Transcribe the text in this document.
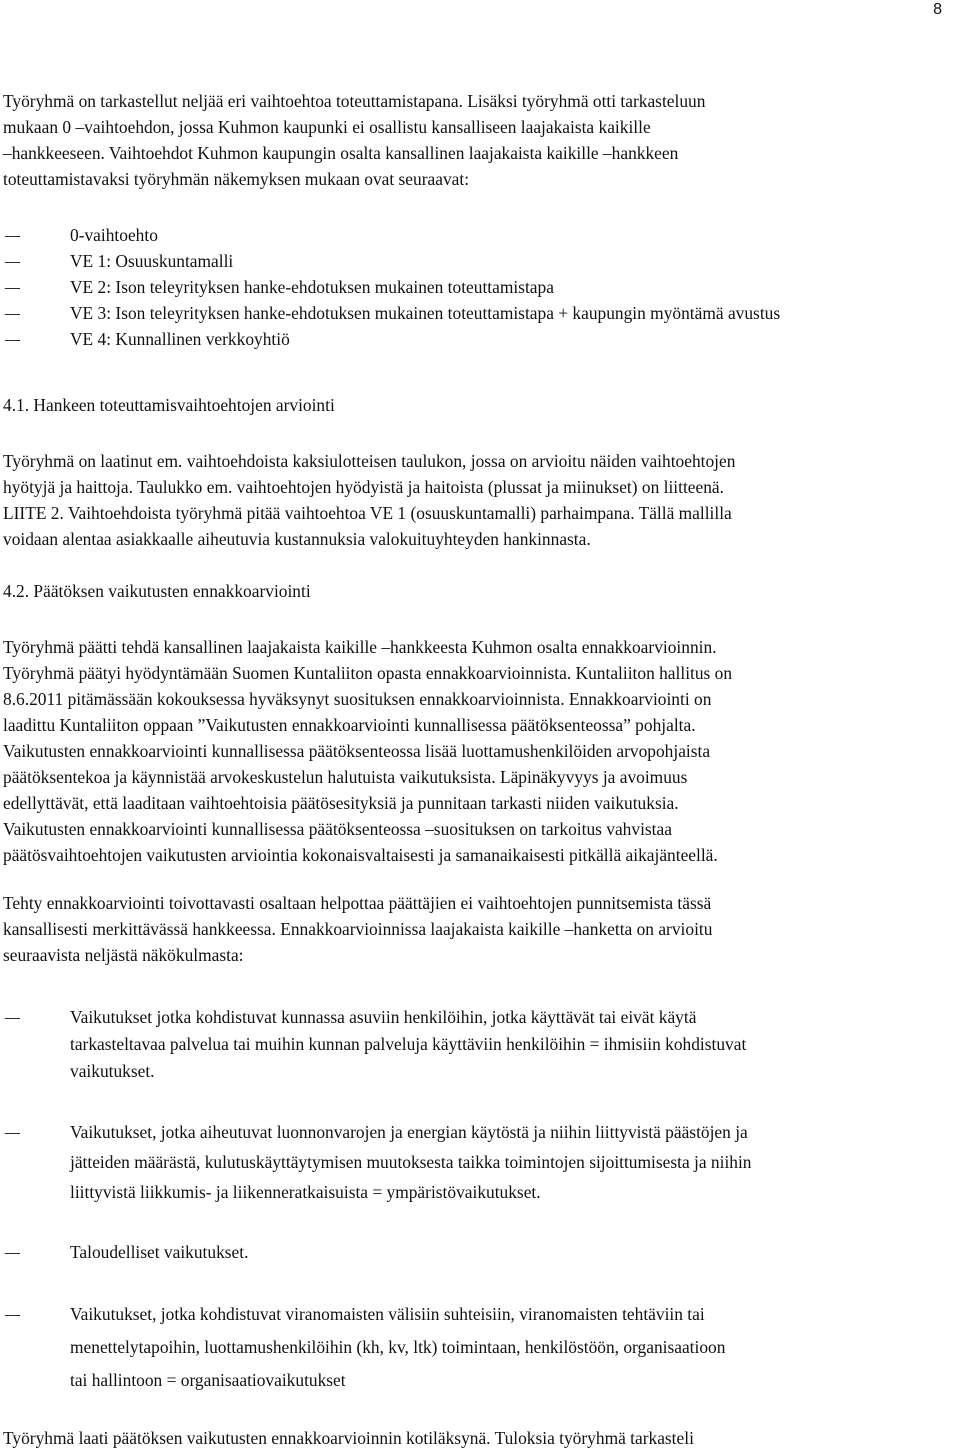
8

Työryhmä on tarkastellut neljää eri vaihtoehtoa toteuttamistapana. Lisäksi työryhmä otti tarkasteluun
mukaan 0 –vaihtoehdon, jossa Kuhmon kaupunki ei osallistu kansalliseen laajakaista kaikille
–hankkeeseen. Vaihtoehdot Kuhmon kaupungin osalta kansallinen laajakaista kaikille –hankkeen
toteuttamistavaksi työryhmän näkemyksen mukaan ovat seuraavat:

– 0-vaihtoehto
– VE 1: Osuuskuntamalli
– VE 2: Ison teleyrityksen hanke-ehdotuksen mukainen toteuttamistapa
– VE 3: Ison teleyrityksen hanke-ehdotuksen mukainen toteuttamistapa + kaupungin myöntämä avustus
– VE 4: Kunnallinen verkkoyhtiö

4.1. Hankeen toteuttamisvaihtoehtojen arviointi

Työryhmä on laatinut em. vaihtoehdoista kaksiulotteisen taulukon, jossa on arvioitu näiden vaihtoehtojen
hyötyjä ja haittoja. Taulukko em. vaihtoehtojen hyödyistä ja haitoista (plussat ja miinukset) on liitteenä.
LIITE 2. Vaihtoehdoista työryhmä pitää vaihtoehtoa VE 1 (osuuskuntamalli) parhaimpana. Tällä mallilla
voidaan alentaa asiakkaalle aiheutuvia kustannuksia valokuituyhteyden hankinnasta.

4.2. Päätöksen vaikutusten ennakkoarviointi

Työryhmä päätti tehdä kansallinen laajakaista kaikille –hankkeesta Kuhmon osalta ennakkoarvioinnin.
Työryhmä päätyi hyödyntämään Suomen Kuntaliiton opasta ennakkoarvioinnista. Kuntaliiton hallitus on
8.6.2011 pitämässään kokouksessa hyväksynyt suosituksen ennakkoarvioinnista. Ennakkoarviointi on
laadittu Kuntaliiton oppaan ”Vaikutusten ennakkoarviointi kunnallisessa päätöksenteossa” pohjalta.
Vaikutusten ennakkoarviointi kunnallisessa päätöksenteossa lisää luottamushenkilöiden arvopohjaista
päätöksentekoa ja käynnistää arvokeskustelun halutuista vaikutuksista. Läpinäkyvyys ja avoimuus
edellyttävät, että laaditaan vaihtoehtoisia päätösesityksiä ja punnitaan tarkasti niiden vaikutuksia.
Vaikutusten ennakkoarviointi kunnallisessa päätöksenteossa –suosituksen on tarkoitus vahvistaa
päätösvaihtoehtojen vaikutusten arviointia kokonaisvaltaisesti ja samanaikaisesti pitkällä aikajänteellä.

Tehty ennakkoarviointi toivottavasti osaltaan helpottaa päättäjien ei vaihtoehtojen punnitsemista tässä
kansallisesti merkittävässä hankkeessa. Ennakkoarvioinnissa laajakaista kaikille –hanketta on arvioitu
seuraavista neljästä näkökulmasta:

– Vaikutukset jotka kohdistuvat kunnassa asuviin henkilöihin, jotka käyttävät tai eivät käytä
tarkasteltavaa palvelua tai muihin kunnan palveluja käyttäviin henkilöihin = ihmisiin kohdistuvat
vaikutukset.
– Vaikutukset, jotka aiheutuvat luonnonvarojen ja energian käytöstä ja niihin liittyvistä päästöjen ja
jätteiden määrästä, kulutuskäyttäytymisen muutoksesta taikka toimintojen sijoittumisesta ja niihin
liittyvistä liikkumis- ja liikenneratkaisuista = ympäristövaikutukset.
– Taloudelliset vaikutukset.
– Vaikutukset, jotka kohdistuvat viranomaisten välisiin suhteisiin, viranomaisten tehtäviin tai
menettelytapoihin, luottamushenkilöihin (kh, kv, ltk) toimintaan, henkilöstöön, organisaatioon
tai hallintoon = organisaatiovaikutukset

Työryhmä laati päätöksen vaikutusten ennakkoarvioinnin kotiläksynä. Tuloksia työryhmä tarkasteli
